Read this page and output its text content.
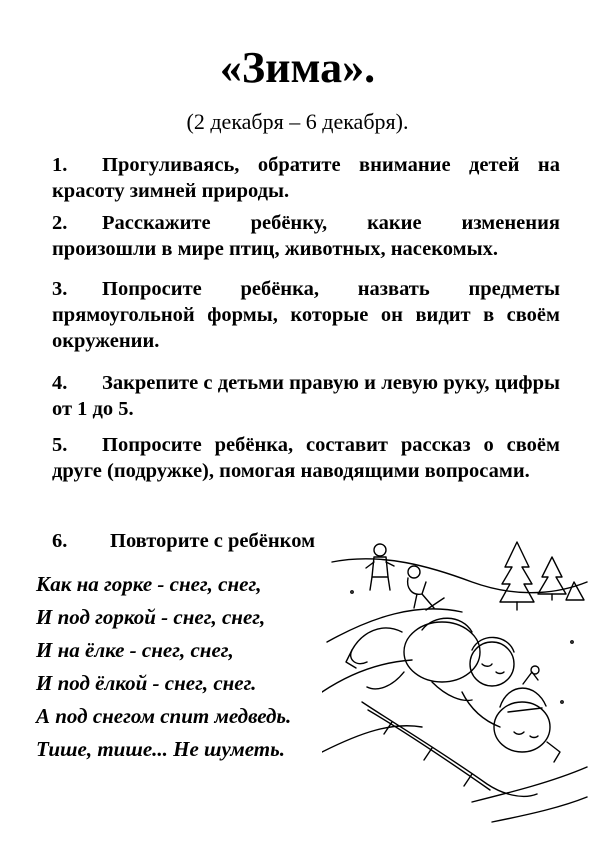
«Зима».
(2 декабря – 6 декабря).
1.	Прогуливаясь, обратите внимание детей на красоту зимней природы.
2.	Расскажите ребёнку, какие изменения произошли в мире птиц, животных, насекомых.
3.	Попросите ребёнка, назвать предметы прямоугольной формы, которые он видит в своём окружении.
4.	Закрепите с детьми правую и левую руку, цифры от 1 до 5.
5.	Попросите ребёнка, составит рассказ о своём друге (подружке), помогая наводящими вопросами.
6.	Повторите с ребёнком
Как на горке - снег, снег,
И под горкой - снег, снег,
И на ёлке - снег, снег,
И под ёлкой - снег, снег.
А под снегом спит медведь.
Тише, тише... Не шуметь.
